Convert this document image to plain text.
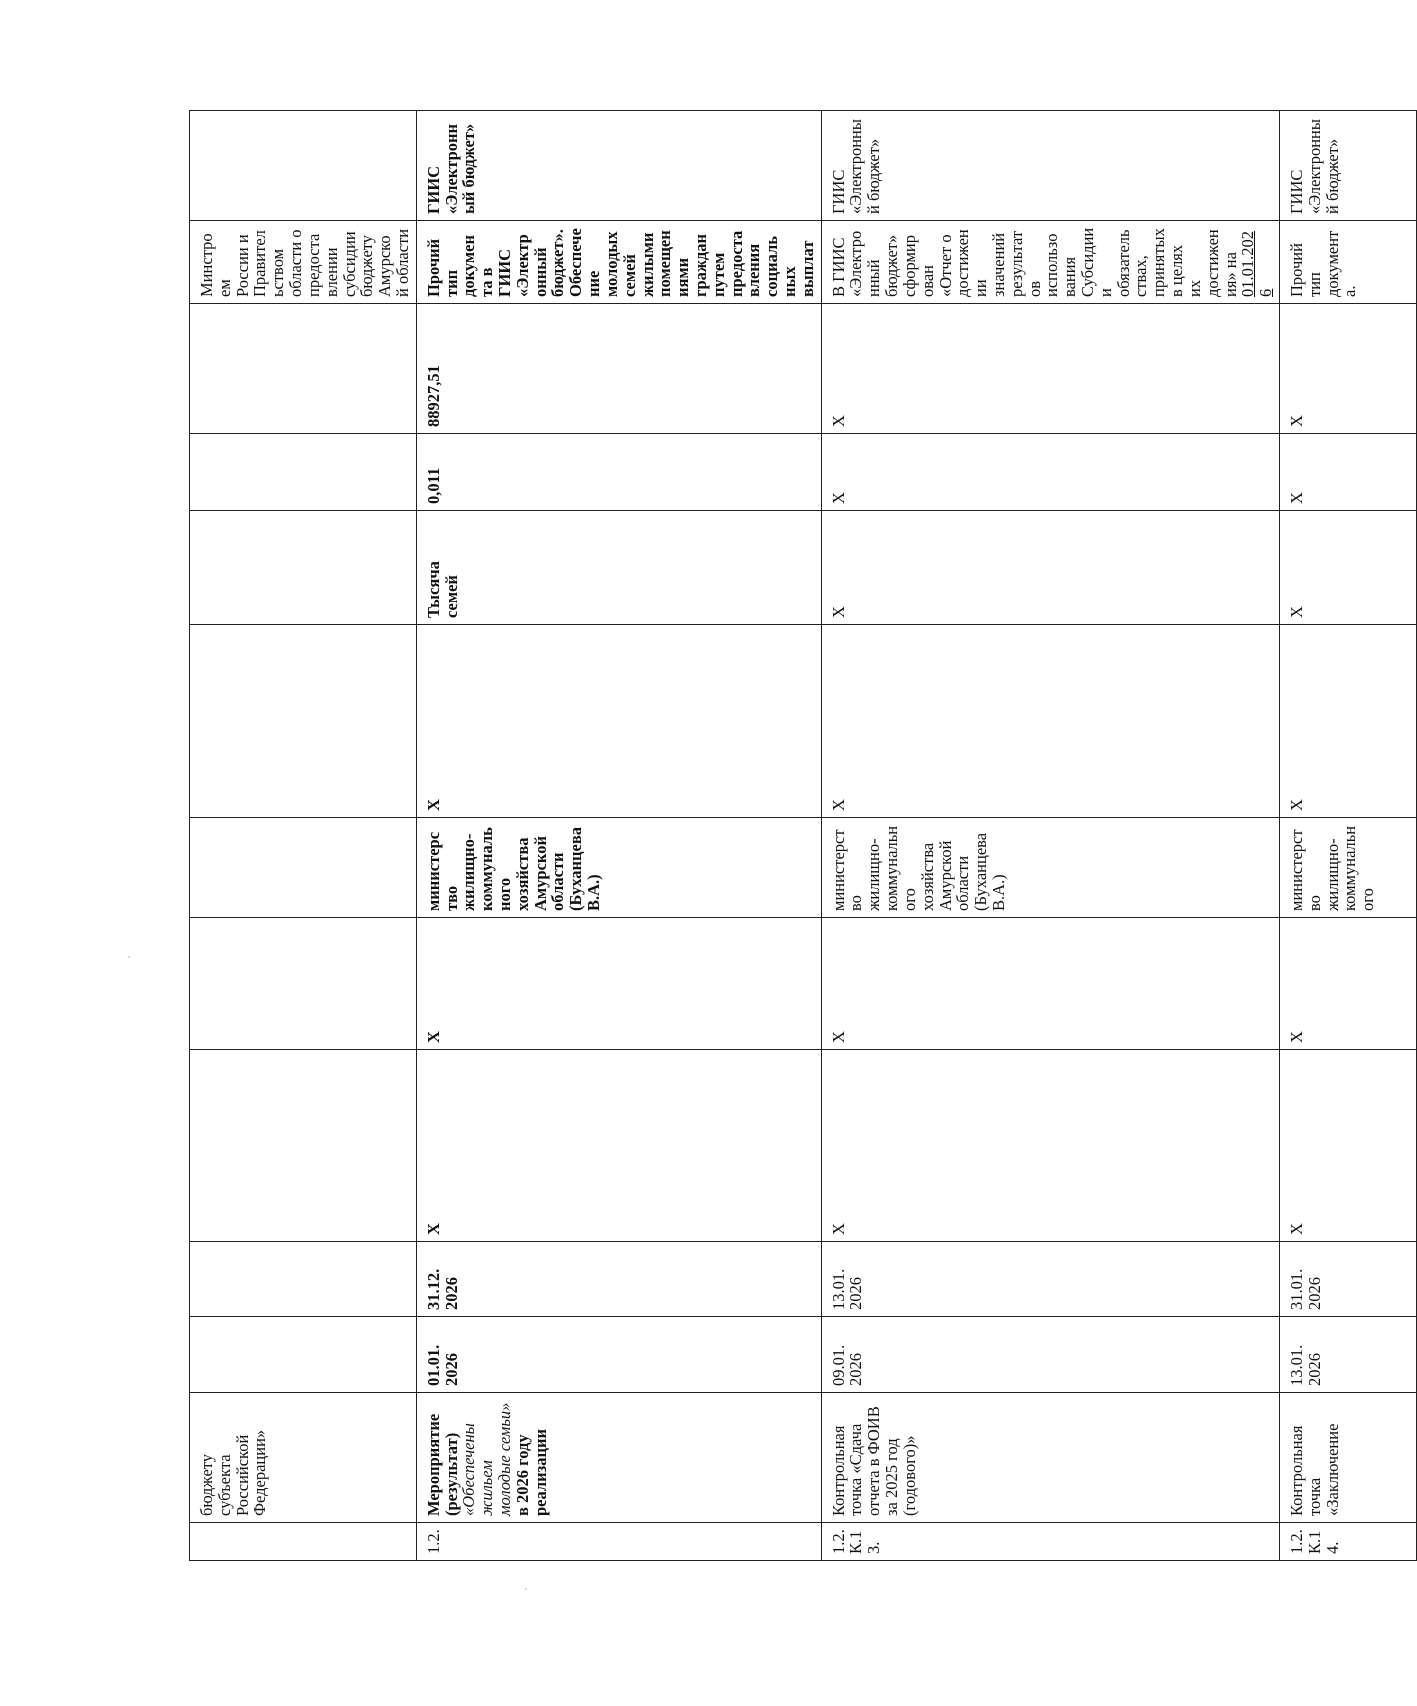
	бюджету субъекта Российской Федерации»										Минстроем России и Правительством области о предоставлении субсидии бюджету Амурской области	
1.2.	Мероприятие (результат) «Обеспечены жильем молодые семьи» в 2026 году реализации	01.01. 2026	31.12. 2026	Х	Х	министерство жилищно-коммунального хозяйства Амурской области (Буханцева В.А.)	Х	Тысяча семей	0,011	88927,51	Прочий тип документа в ГИИС «Электронный бюджет». Обеспечение молодых семей жилыми помещениями граждан путем предоставления социальных выплат	ГИИС «Электронный бюджет»
1.2. К.1 3.	Контрольная точка «Сдача отчета в ФОИВ за 2025 год (годового)»	09.01. 2026	13.01. 2026	Х	Х	министерство жилищно-коммунального хозяйства Амурской области (Буханцева В.А.)	Х	Х	Х	Х	В ГИИС «Электронный бюджет» сформирован «Отчет о достижении значений результатов использования Субсидии и обязательствах, принятых в целях их достижения» на 01.01.2026	ГИИС «Электронный бюджет»
1.2. К.1 4.	Контрольная точка «Заключение	13.01. 2026	31.01. 2026	Х	Х	министерство жилищно-коммунального	Х	Х	Х	Х	Прочий тип документа.	ГИИС «Электронный бюджет»
